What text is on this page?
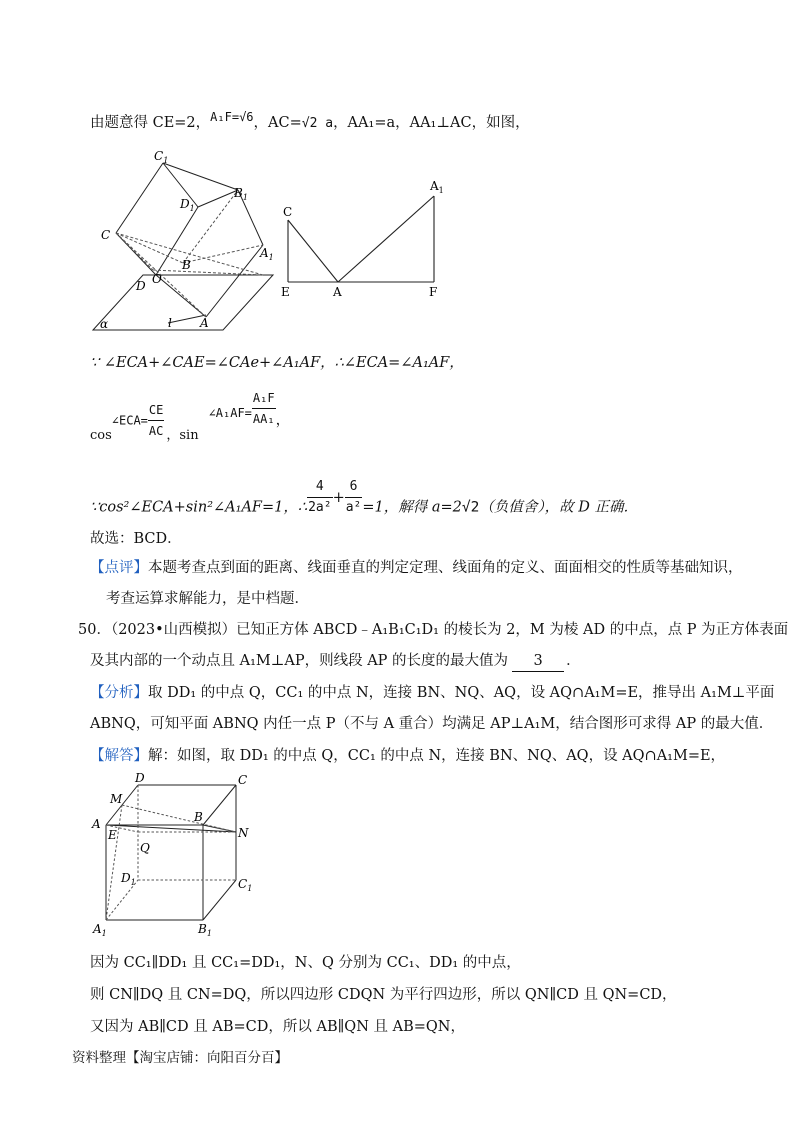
由题意得 CE=2，$^{A_1F=√6}$，AC=√2 a，AA₁=a，AA₁⊥AC，如图，
$C_1$
$B_1$
$D_1$
C
B
$A_1$
D O
A
α	l
C
$A_1$
E	A	F
∵ ∠ECA+∠CAE=∠CAe+∠A₁AF，∴∠ECA=∠A₁AF，
cos∠ECA= $\frac{CE}{AC}$ ，$\sin^{\angle A_1AF=} \frac{\text{A₁F}}{\text{AA₁}}$ ，
∵cos²∠ECA+sin²∠A₁AF=1，∴ $\frac{4}{\text{2a²}} + \frac{6}{\text{a²}} =1$，解得 a=2√2（负值舍），故 D 正确．
故选：BCD．
【点评】本题考查点到面的距离、线面垂直的判定定理、线面角的定义、面面相交的性质等基础知识，
考查运算求解能力，是中档题．
50．（2023•山西模拟）已知正方体 ABCD﹣A₁B₁C₁D₁ 的棱长为 2，M 为棱 AD 的中点，点 P 为正方体表面
及其内部的一个动点且 A₁M⊥AP，则线段 AP 的长度的最大值为 3 ．
【分析】取 DD₁ 的中点 Q，CC₁ 的中点 N，连接 BN、NQ、AQ，设 AQ∩A₁M=E，推导出 A₁M⊥平面
ABNQ，可知平面 ABNQ 内任一点 P（不与 A 重合）均满足 AP⊥A₁M，结合图形可求得 AP 的最大值．
【解答】解：如图，取 DD₁ 的中点 Q，CC₁ 的中点 N，连接 BN、NQ、AQ，设 AQ∩A₁M=E，
D	C
M
B
A
E	N
Q
$D_1$	$C_1$
$A_1$	$B_1$
因为 CC₁∥DD₁ 且 CC₁=DD₁，N、Q 分别为 CC₁、DD₁ 的中点，
则 CN∥DQ 且 CN=DQ，所以四边形 CDQN 为平行四边形，所以 QN∥CD 且 QN=CD，
又因为 AB∥CD 且 AB=CD，所以 AB∥QN 且 AB=QN，
资料整理【淘宝店铺：向阳百分百】
